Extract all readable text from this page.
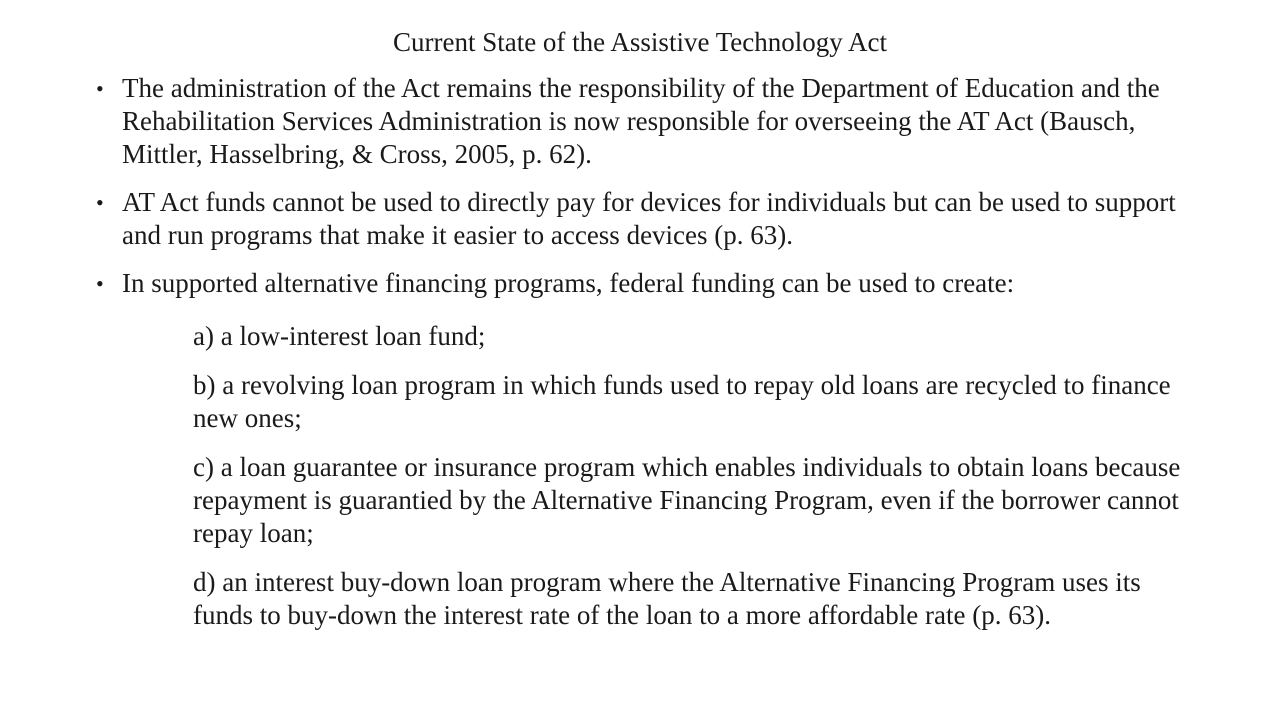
Current State of the Assistive Technology Act
• The administration of the Act remains the responsibility of the Department of Education and the Rehabilitation Services Administration is now responsible for overseeing the AT Act (Bausch, Mittler, Hasselbring, & Cross, 2005, p. 62).
• AT Act funds cannot be used to directly pay for devices for individuals but can be used to support and run programs that make it easier to access devices (p. 63).
• In supported alternative financing programs, federal funding can be used to create:
a) a low-interest loan fund;
b) a revolving loan program in which funds used to repay old loans are recycled to finance new ones;
c) a loan guarantee or insurance program which enables individuals to obtain loans because repayment is guarantied by the Alternative Financing Program, even if the borrower cannot repay loan;
d) an interest buy-down loan program where the Alternative Financing Program uses its funds to buy-down the interest rate of the loan to a more affordable rate (p. 63).
